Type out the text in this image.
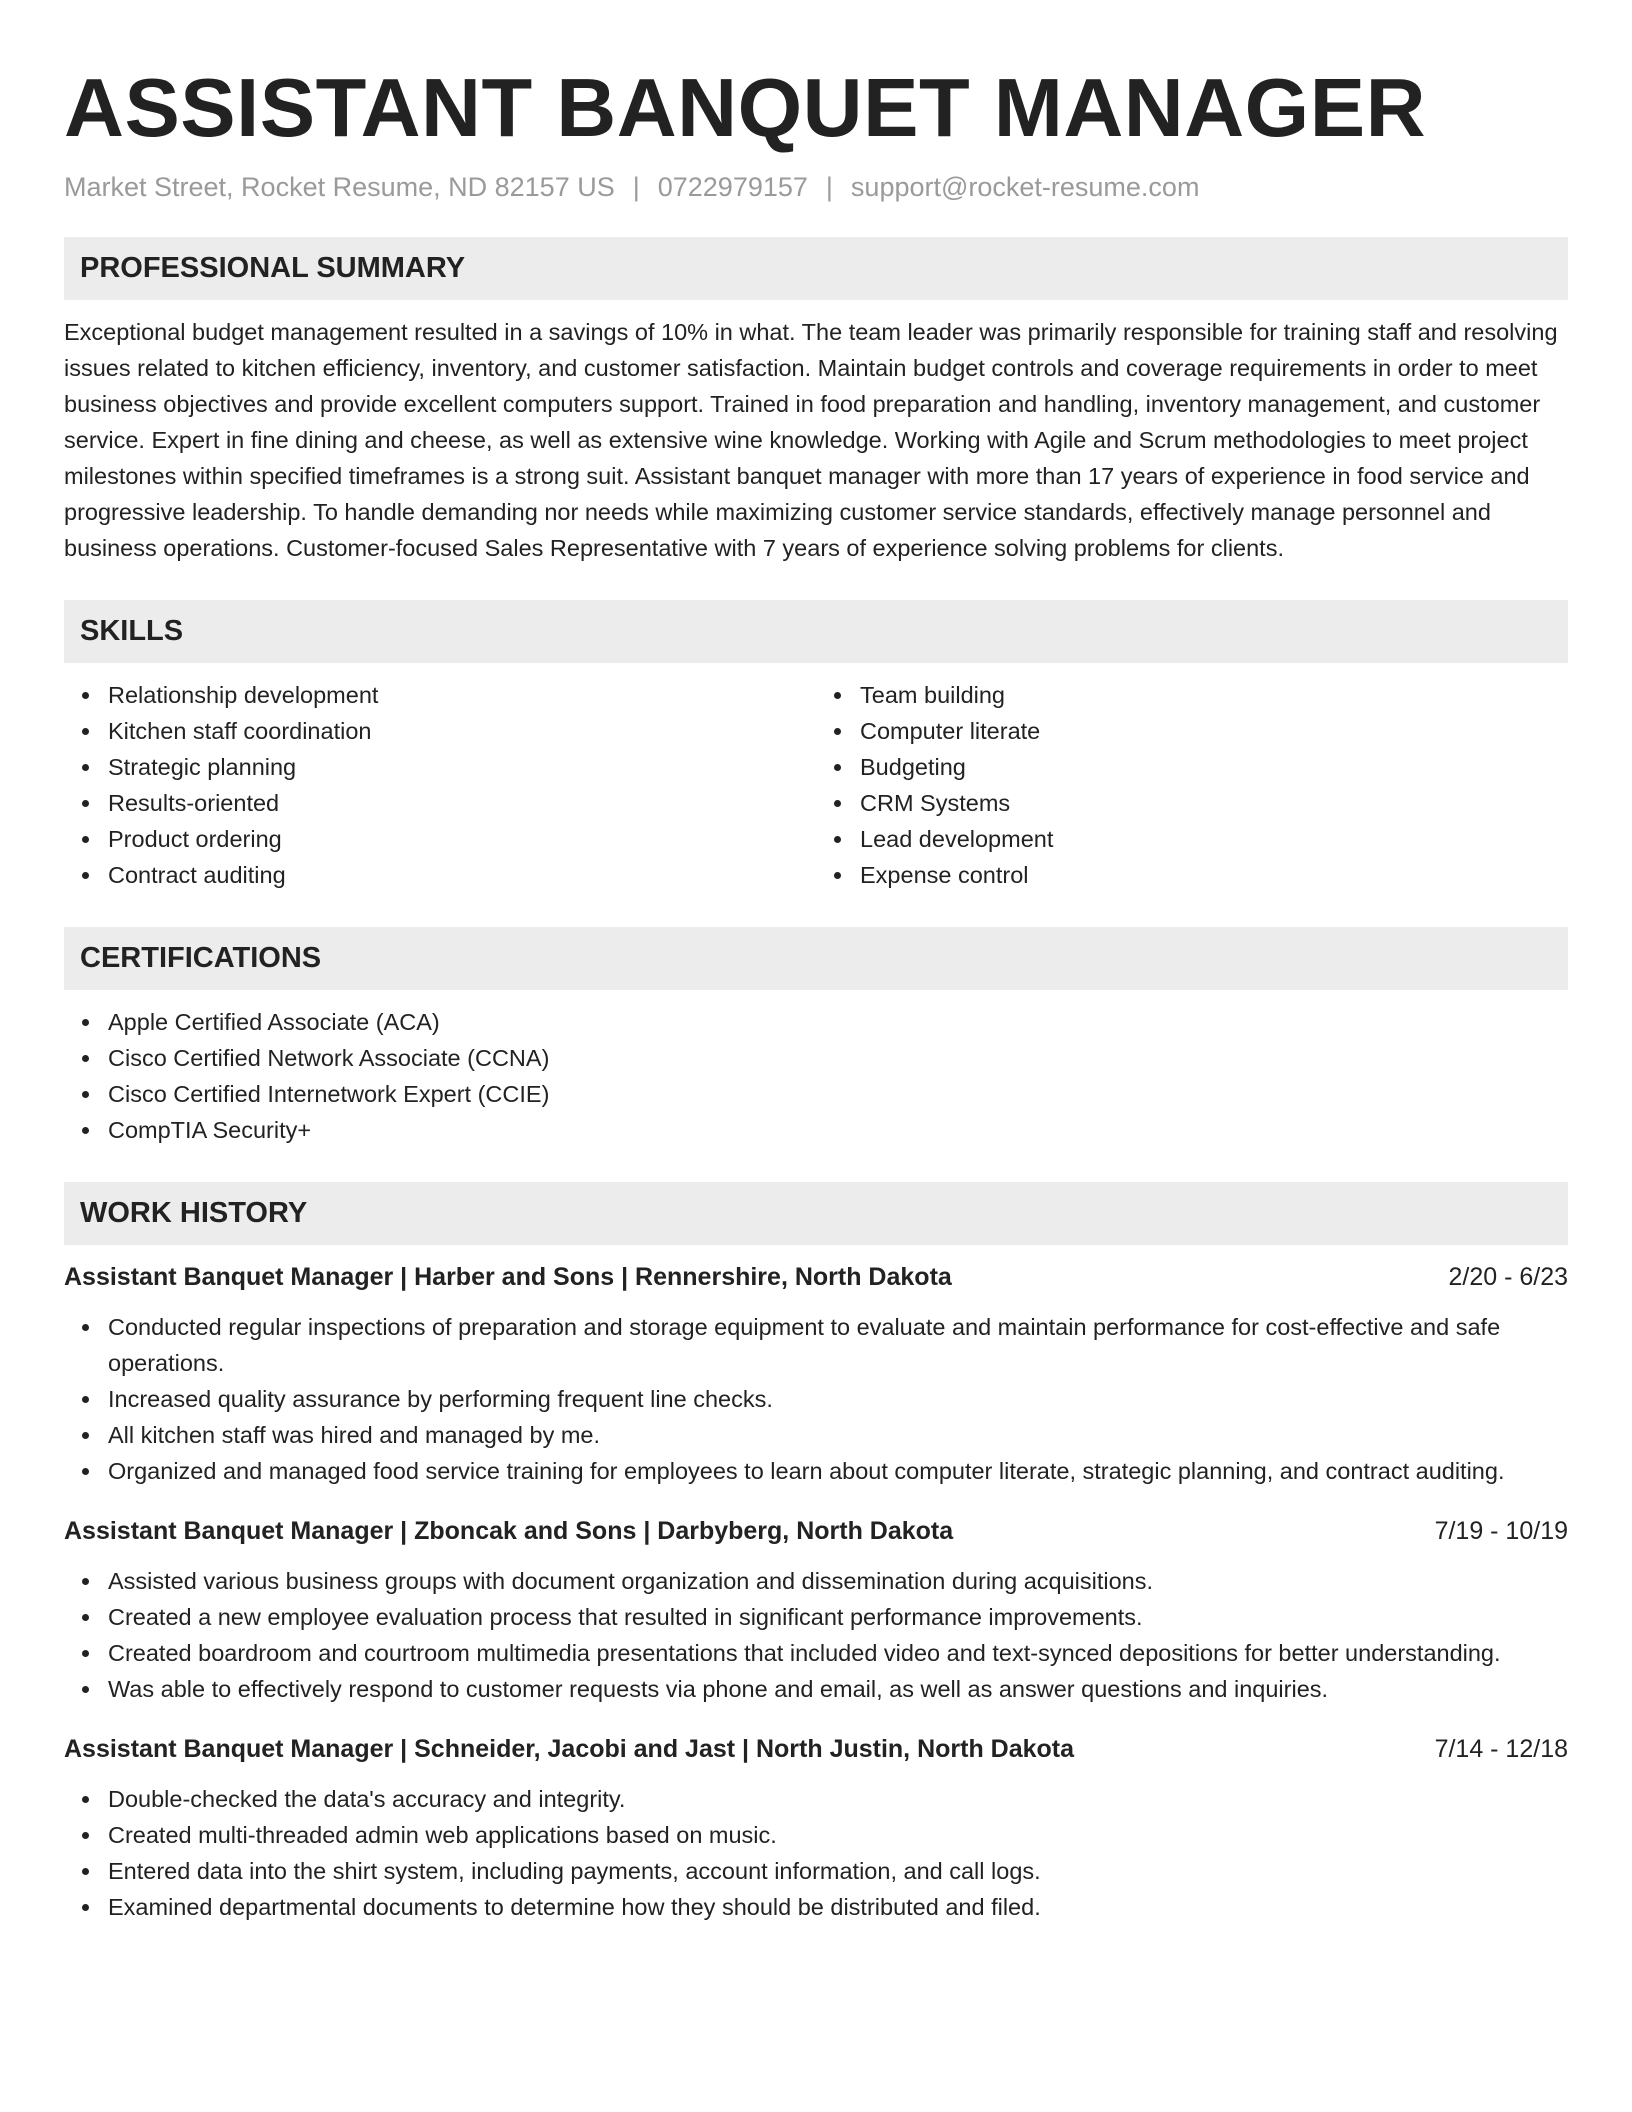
ASSISTANT BANQUET MANAGER
Market Street, Rocket Resume, ND 82157 US | 0722979157 | support@rocket-resume.com
PROFESSIONAL SUMMARY

Exceptional budget management resulted in a savings of 10% in what. The team leader was primarily responsible for training staff and resolving issues related to kitchen efficiency, inventory, and customer satisfaction. Maintain budget controls and coverage requirements in order to meet business objectives and provide excellent computers support. Trained in food preparation and handling, inventory management, and customer service. Expert in fine dining and cheese, as well as extensive wine knowledge. Working with Agile and Scrum methodologies to meet project milestones within specified timeframes is a strong suit. Assistant banquet manager with more than 17 years of experience in food service and progressive leadership. To handle demanding nor needs while maximizing customer service standards, effectively manage personnel and business operations. Customer-focused Sales Representative with 7 years of experience solving problems for clients.

SKILLS
Relationship development
Kitchen staff coordination
Strategic planning
Results-oriented
Product ordering
Contract auditing
Team building
Computer literate
Budgeting
CRM Systems
Lead development
Expense control
CERTIFICATIONS
Apple Certified Associate (ACA)
Cisco Certified Network Associate (CCNA)
Cisco Certified Internetwork Expert (CCIE)
CompTIA Security+
WORK HISTORY
Assistant Banquet Manager | Harber and Sons | Rennershire, North Dakota	2/20 - 6/23
Conducted regular inspections of preparation and storage equipment to evaluate and maintain performance for cost-effective and safe operations.
Increased quality assurance by performing frequent line checks.
All kitchen staff was hired and managed by me.
Organized and managed food service training for employees to learn about computer literate, strategic planning, and contract auditing.
Assistant Banquet Manager | Zboncak and Sons | Darbyberg, North Dakota	7/19 - 10/19
Assisted various business groups with document organization and dissemination during acquisitions.
Created a new employee evaluation process that resulted in significant performance improvements.
Created boardroom and courtroom multimedia presentations that included video and text-synced depositions for better understanding.
Was able to effectively respond to customer requests via phone and email, as well as answer questions and inquiries.
Assistant Banquet Manager | Schneider, Jacobi and Jast | North Justin, North Dakota	7/14 - 12/18
Double-checked the data's accuracy and integrity.
Created multi-threaded admin web applications based on music.
Entered data into the shirt system, including payments, account information, and call logs.
Examined departmental documents to determine how they should be distributed and filed.
